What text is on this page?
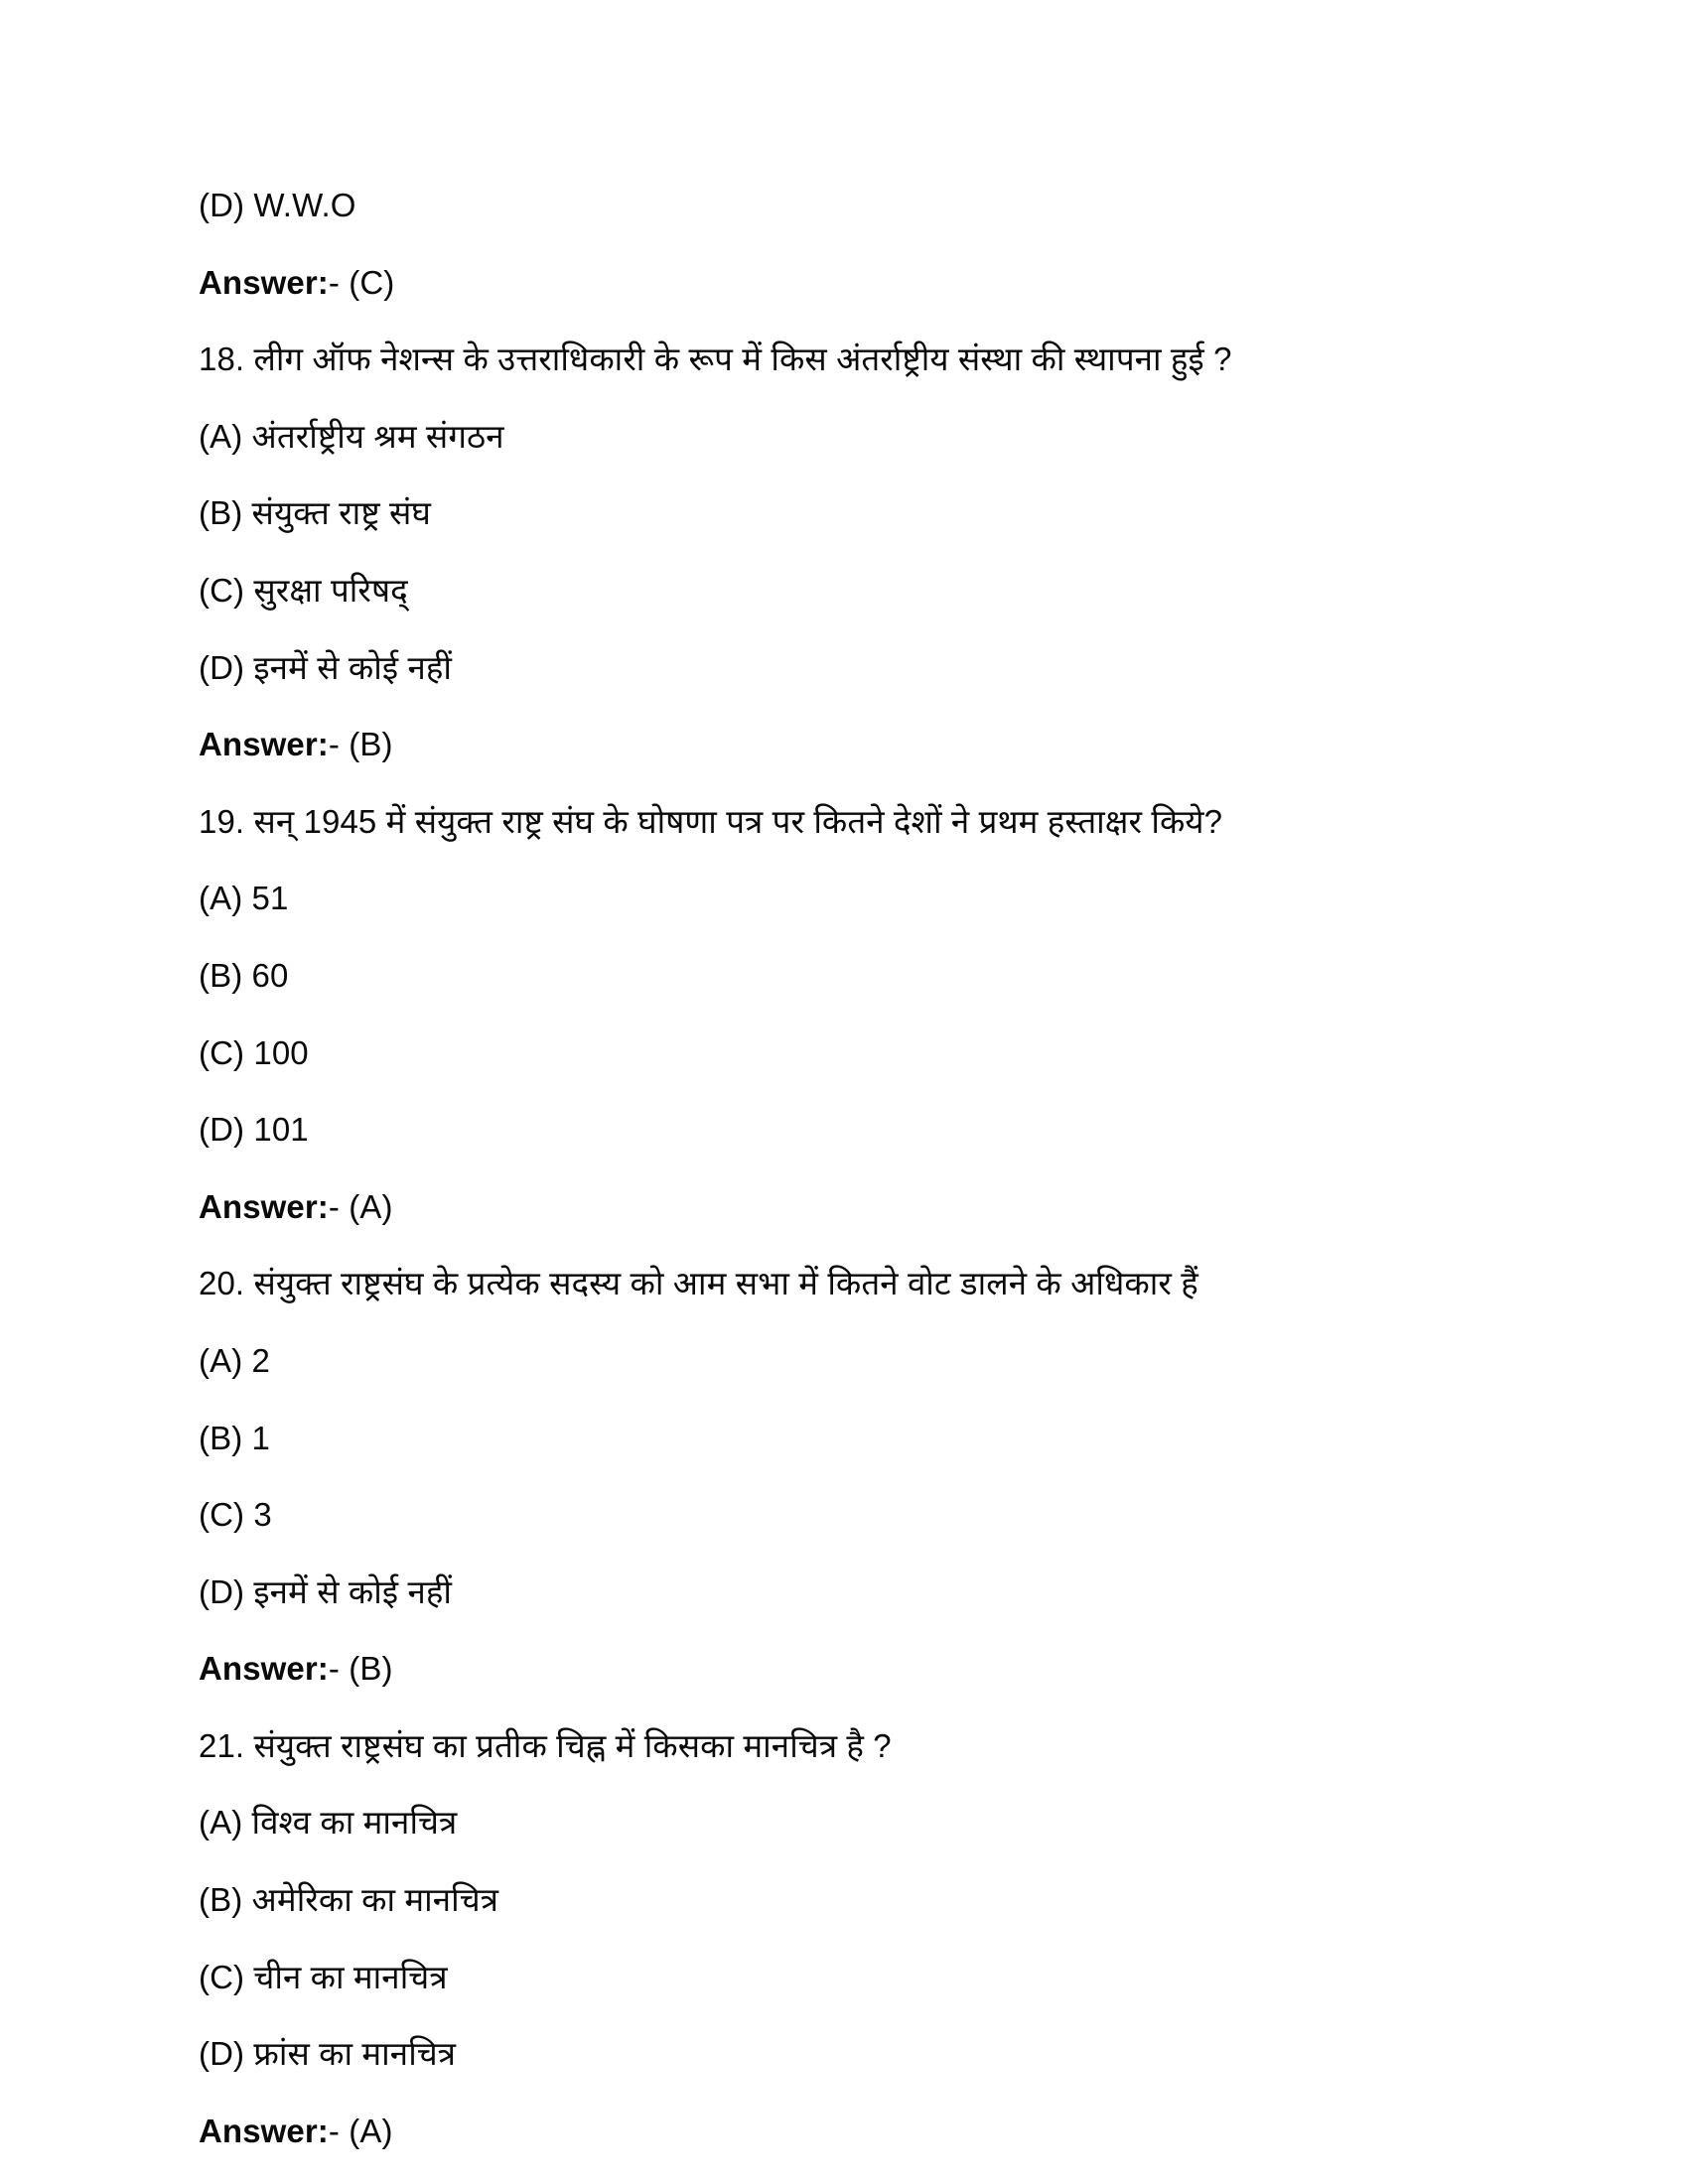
(D) W.W.O
Answer:- (C)
18. लीग ऑफ नेशन्स के उत्तराधिकारी के रूप में किस अंतर्राष्ट्रीय संस्था की स्थापना हुई ?
(A) अंतर्राष्ट्रीय श्रम संगठन
(B) संयुक्त राष्ट्र संघ
(C) सुरक्षा परिषद्
(D) इनमें से कोई नहीं
Answer:- (B)
19. सन् 1945 में संयुक्त राष्ट्र संघ के घोषणा पत्र पर कितने देशों ने प्रथम हस्ताक्षर किये?
(A) 51
(B) 60
(C) 100
(D) 101
Answer:- (A)
20. संयुक्त राष्ट्रसंघ के प्रत्येक सदस्य को आम सभा में कितने वोट डालने के अधिकार हैं
(A) 2
(B) 1
(C) 3
(D) इनमें से कोई नहीं
Answer:- (B)
21. संयुक्त राष्ट्रसंघ का प्रतीक चिह्न में किसका मानचित्र है ?
(A) विश्व का मानचित्र
(B) अमेरिका का मानचित्र
(C) चीन का मानचित्र
(D) फ्रांस का मानचित्र
Answer:- (A)
